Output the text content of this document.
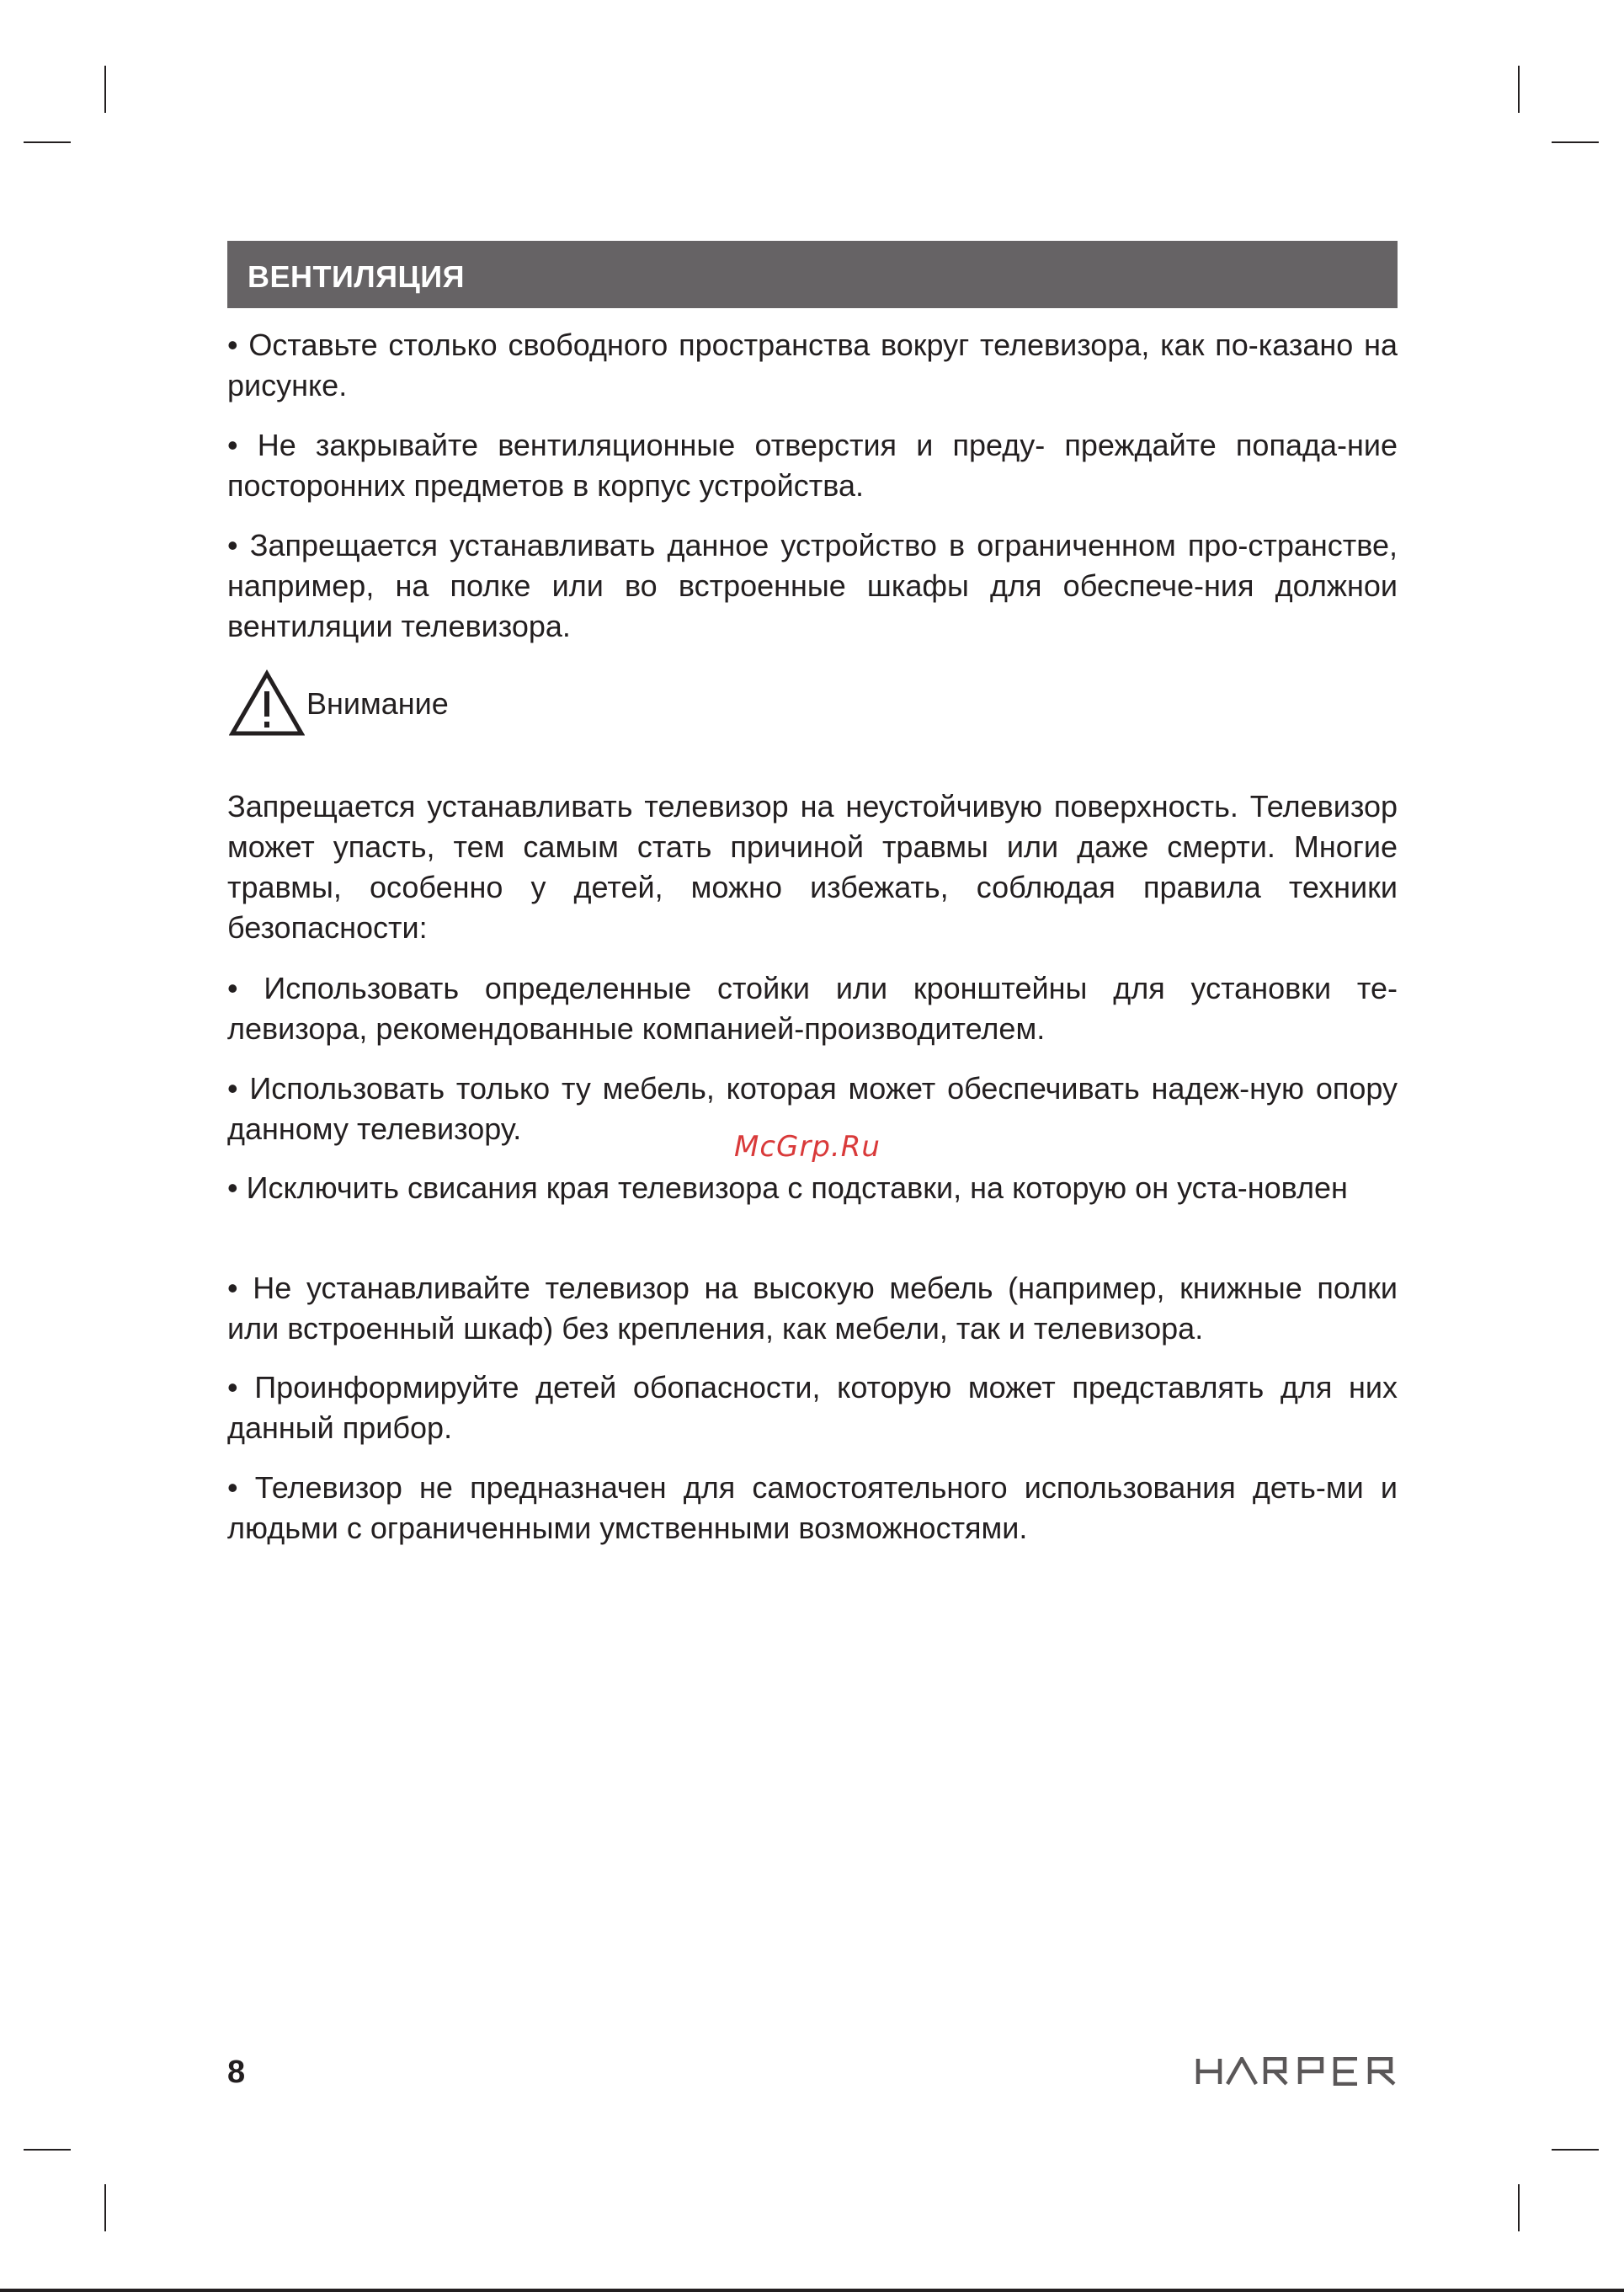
ВЕНТИЛЯЦИЯ

• Оставьте столько свободного пространства вокруг телевизора, как по-казано на рисунке.

• Не закрывайте вентиляционные отверстия и преду- преждайте попада-ние посторонних предметов в корпус устройства.

• Запрещается устанавливать данное устройство в ограниченном про-странстве, например, на полке или во встроенные шкафы для обеспече-ния должнои вентиляции телевизора.

Внимание

Запрещается устанавливать телевизор на неустойчивую поверхность. Телевизор может упасть, тем самым стать причиной травмы или даже смерти. Многие травмы, особенно у детей, можно избежать, соблюдая правила техники безопасности:

• Использовать определенные стойки или кронштейны для установки те-левизора, рекомендованные компанией-производителем.

• Использовать только ту мебель, которая может обеспечивать надеж-ную опору данному телевизору.

• Исключить свисания края телевизора с подставки, на которую он уста-новлен

• Не устанавливайте телевизор на высокую мебель (например, книжные полки или встроенный шкаф) без крепления, как мебели, так и телевизора.

• Проинформируйте детей обопасности, которую может представлять для них данный прибор.

• Телевизор не предназначен для самостоятельного использования деть-ми и людьми с ограниченными умственными возможностями.

McGrp.Ru
8
